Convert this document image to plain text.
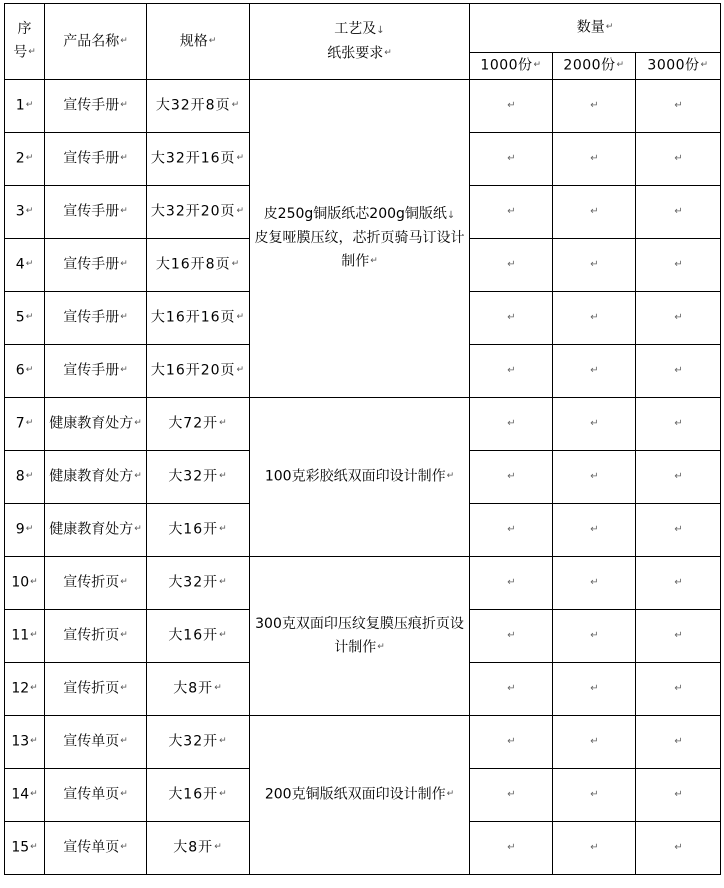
序
号↵	产品名称↵	规格↵	工艺及↓
纸张要求↵	数量↵		
				1000份↵	2000份↵	3000份↵
1↵	宣传手册↵	大32开8页↵	皮250g铜版纸芯200g铜版纸↓
皮复哑膜压纹，芯折页骑马订设计制作↵	↵	↵	↵
2↵	宣传手册↵	大32开16页↵		↵	↵	↵
3↵	宣传手册↵	大32开20页↵		↵	↵	↵
4↵	宣传手册↵	大16开8页↵		↵	↵	↵
5↵	宣传手册↵	大16开16页↵		↵	↵	↵
6↵	宣传手册↵	大16开20页↵		↵	↵	↵
7↵	健康教育处方↵	大72开↵	100克彩胶纸双面印设计制作↵	↵	↵	↵
8↵	健康教育处方↵	大32开↵		↵	↵	↵
9↵	健康教育处方↵	大16开↵		↵	↵	↵
10↵	宣传折页↵	大32开↵	300克双面印压纹复膜压痕折页设计制作↵	↵	↵	↵
11↵	宣传折页↵	大16开↵		↵	↵	↵
12↵	宣传折页↵	大8开↵		↵	↵	↵
13↵	宣传单页↵	大32开↵	200克铜版纸双面印设计制作↵	↵	↵	↵
14↵	宣传单页↵	大16开↵		↵	↵	↵
15↵	宣传单页↵	大8开↵		↵	↵	↵
